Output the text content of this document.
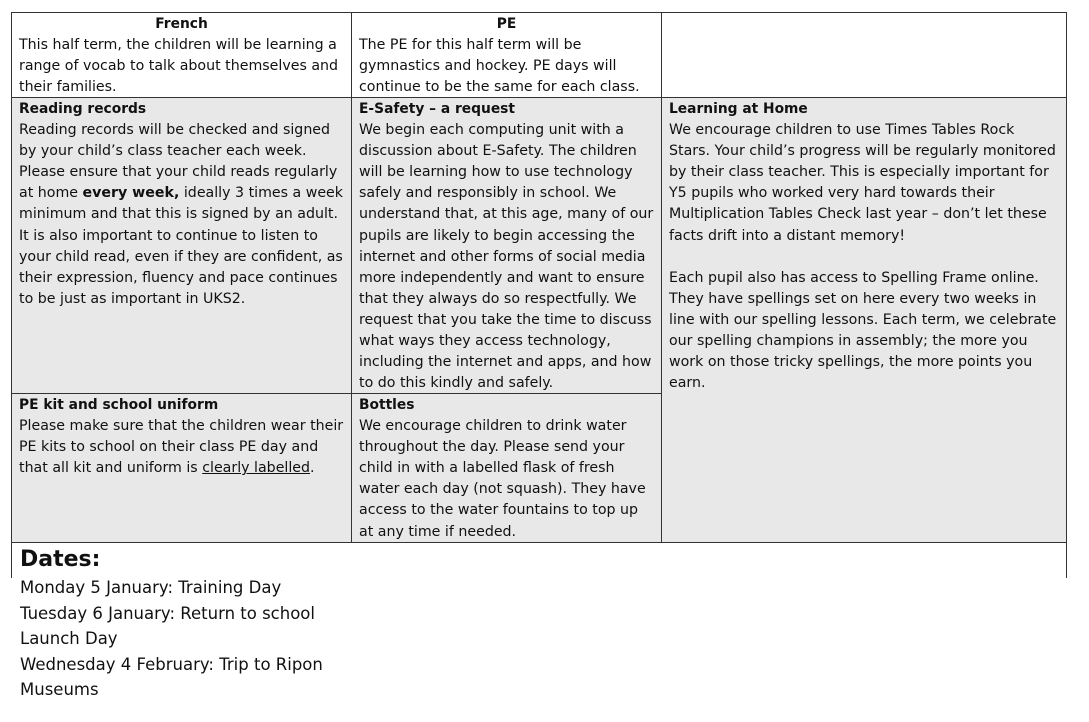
French

This half term, the children will be learning a range of vocab to talk about themselves and their families.

PE

The PE for this half term will be gymnastics and hockey. PE days will continue to be the same for each class.

Reading records

Reading records will be checked and signed by your child’s class teacher each week. Please ensure that your child reads regularly at home every week, ideally 3 times a week minimum and that this is signed by an adult. It is also important to continue to listen to your child read, even if they are confident, as their expression, fluency and pace continues to be just as important in UKS2.

E-Safety – a request

We begin each computing unit with a discussion about E-Safety. The children will be learning how to use technology safely and responsibly in school. We understand that, at this age, many of our pupils are likely to begin accessing the internet and other forms of social media more independently and want to ensure that they always do so respectfully. We request that you take the time to discuss what ways they access technology, including the internet and apps, and how to do this kindly and safely.

Learning at Home

We encourage children to use Times Tables Rock Stars. Your child’s progress will be regularly monitored by their class teacher. This is especially important for Y5 pupils who worked very hard towards their Multiplication Tables Check last year – don’t let these facts drift into a distant memory!

Each pupil also has access to Spelling Frame online. They have spellings set on here every two weeks in line with our spelling lessons. Each term, we celebrate our spelling champions in assembly; the more you work on those tricky spellings, the more points you earn.

PE kit and school uniform

Please make sure that the children wear their PE kits to school on their class PE day and that all kit and uniform is clearly labelled.

Bottles

We encourage children to drink water throughout the day. Please send your child in with a labelled flask of fresh water each day (not squash). They have access to the water fountains to top up at any time if needed.

Dates:
Monday 5 January: Training Day
Tuesday 6 January: Return to school
Launch Day
Wednesday 4 February: Trip to Ripon
Museums
